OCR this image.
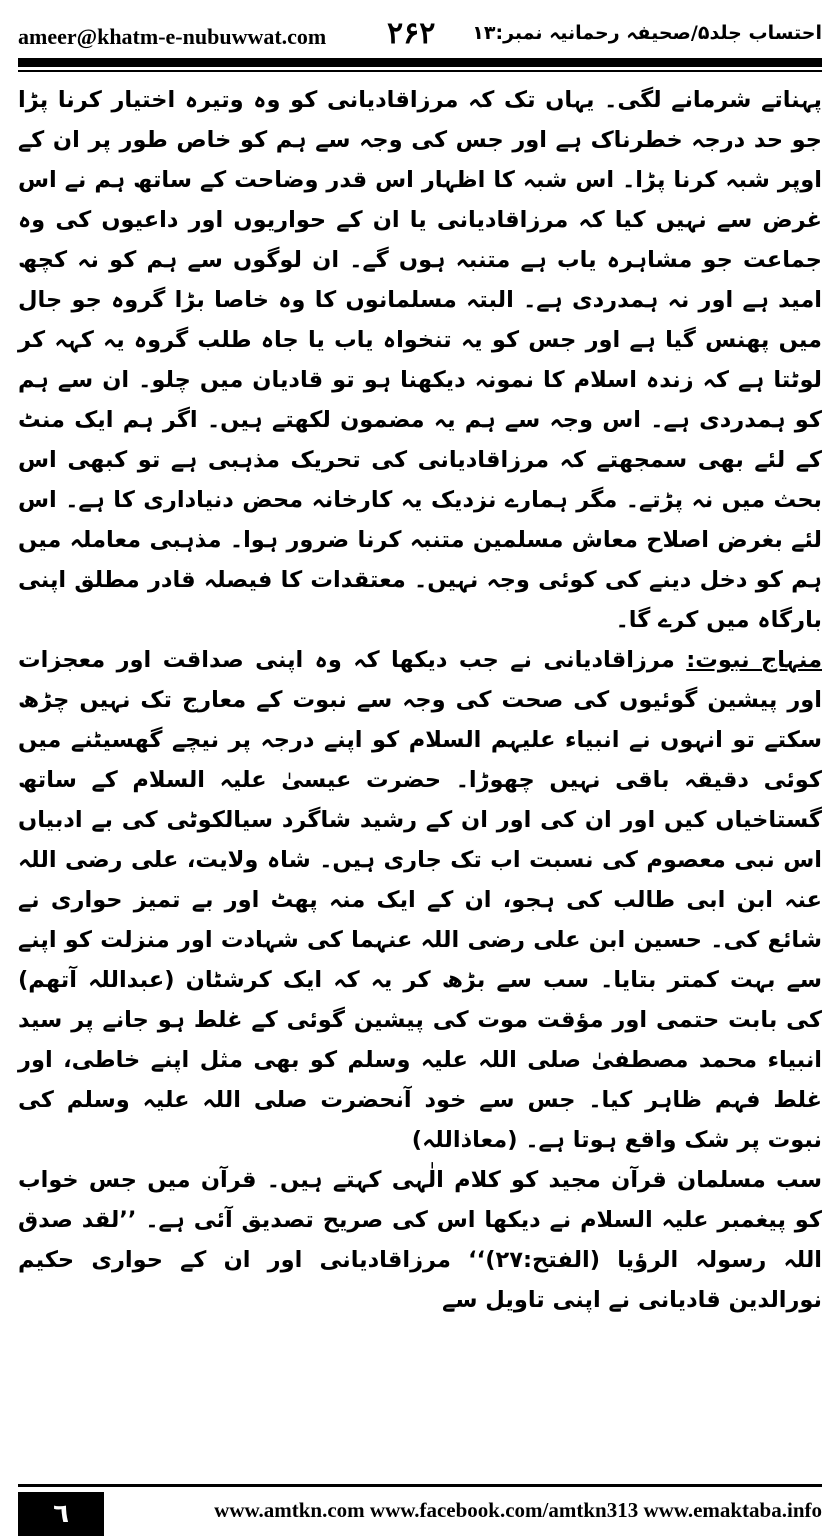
ameer@khatm-e-nubuwwat.com ۲۶۲ احتساب جلد۵/صحیفہ رحمانیہ نمبر:۱۳

پہناتے شرمانے لگی۔ یہاں تک کہ مرزاقادیانی کو وہ وتیرہ اختیار کرنا پڑا جو حد درجہ خطرناک ہے اور جس کی وجہ سے ہم کو خاص طور پر ان کے اوپر شبہ کرنا پڑا۔ اس شبہ کا اظہار اس قدر وضاحت کے ساتھ ہم نے اس غرض سے نہیں کیا کہ مرزاقادیانی یا ان کے حواریوں اور داعیوں کی وہ جماعت جو مشاہرہ یاب ہے متنبہ ہوں گے۔ ان لوگوں سے ہم کو نہ کچھ امید ہے اور نہ ہمدردی ہے۔ البتہ مسلمانوں کا وہ خاصا بڑا گروہ جو جال میں پھنس گیا ہے اور جس کو یہ تنخواہ یاب یا جاہ طلب گروہ یہ کہہ کر لوٹتا ہے کہ زندہ اسلام کا نمونہ دیکھنا ہو تو قادیان میں چلو۔ ان سے ہم کو ہمدردی ہے۔ اس وجہ سے ہم یہ مضمون لکھتے ہیں۔ اگر ہم ایک منٹ کے لئے بھی سمجھتے کہ مرزاقادیانی کی تحریک مذہبی ہے تو کبھی اس بحث میں نہ پڑتے۔ مگر ہمارے نزدیک یہ کارخانہ محض دنیاداری کا ہے۔ اس لئے بغرض اصلاح معاش مسلمین متنبہ کرنا ضرور ہوا۔ مذہبی معاملہ میں ہم کو دخل دینے کی کوئی وجہ نہیں۔ معتقدات کا فیصلہ قادر مطلق اپنی بارگاہ میں کرے گا۔

منہاج نبوت: مرزاقادیانی نے جب دیکھا کہ وہ اپنی صداقت اور معجزات اور پیشین گوئیوں کی صحت کی وجہ سے نبوت کے معارج تک نہیں چڑھ سکتے تو انہوں نے انبیاء علیہم السلام کو اپنے درجہ پر نیچے گھسیٹنے میں کوئی دقیقہ باقی نہیں چھوڑا۔ حضرت عیسیٰ علیہ السلام کے ساتھ گستاخیاں کیں اور ان کی اور ان کے رشید شاگرد سیالکوٹی کی بے ادبیاں اس نبی معصوم کی نسبت اب تک جاری ہیں۔ شاہ ولایت، علی رضی اللہ عنہ ابن ابی طالب کی ہجو، ان کے ایک منہ پھٹ اور بے تمیز حواری نے شائع کی۔ حسین ابن علی رضی اللہ عنہما کی شہادت اور منزلت کو اپنے سے بہت کمتر بتایا۔ سب سے بڑھ کر یہ کہ ایک کرشٹان (عبداللہ آتھم) کی بابت حتمی اور مؤقت موت کی پیشین گوئی کے غلط ہو جانے پر سید انبیاء محمد مصطفیٰ صلی اللہ علیہ وسلم کو بھی مثل اپنے خاطی، اور غلط فہم ظاہر کیا۔ جس سے خود آنحضرت صلی اللہ علیہ وسلم کی نبوت پر شک واقع ہوتا ہے۔ (معاذاللہ)

سب مسلمان قرآن مجید کو کلام الٰہی کہتے ہیں۔ قرآن میں جس خواب کو پیغمبر علیہ السلام نے دیکھا اس کی صریح تصدیق آئی ہے۔ ’’لقد صدق اللہ رسولہ الرؤیا (الفتح:۲۷)‘‘ مرزاقادیانی اور ان کے حواری حکیم نورالدین قادیانی نے اپنی تاویل سے

٦	www.amtkn.com www.facebook.com/amtkn313 www.emaktaba.info
